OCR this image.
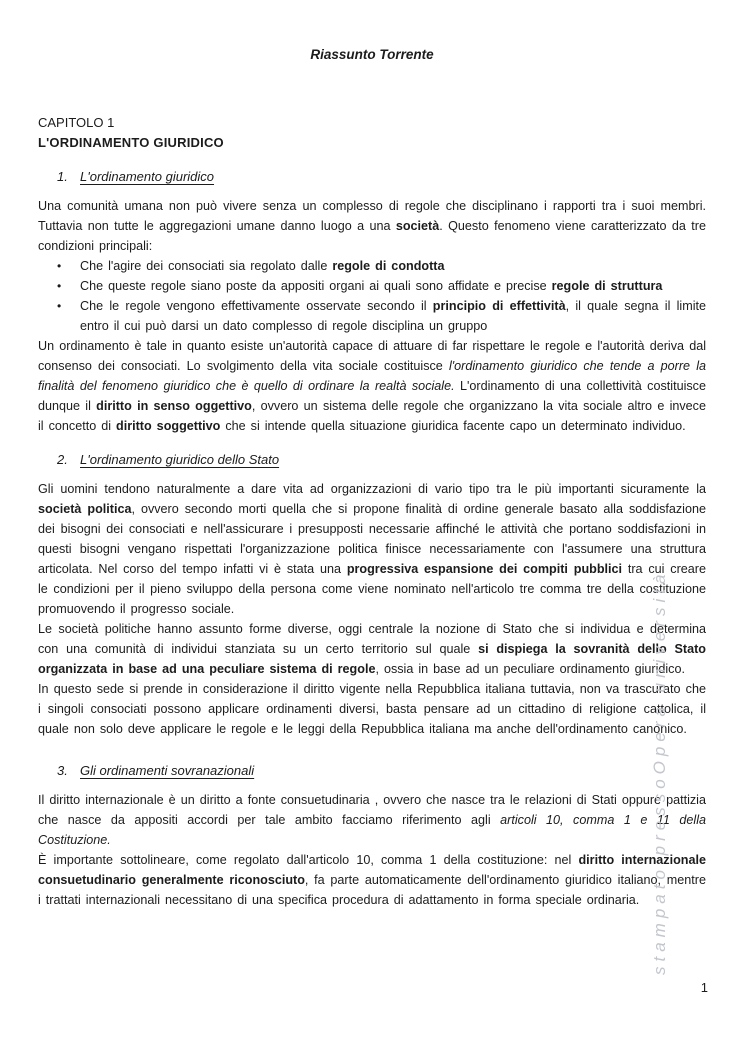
Riassunto Torrente
CAPITOLO 1
L'ORDINAMENTO GIURIDICO
1. L'ordinamento giuridico

Una comunità umana non può vivere senza un complesso di regole che disciplinano i rapporti tra i suoi membri. Tuttavia non tutte le aggregazioni umane danno luogo a una società. Questo fenomeno viene caratterizzato da tre condizioni principali:

•	Che l'agire dei consociati sia regolato dalle regole di condotta
•	Che queste regole siano poste da appositi organi ai quali sono affidate e precise regole di struttura
•	Che le regole vengono effettivamente osservate secondo il principio di effettività, il quale segna il limite entro il cui può darsi un dato complesso di regole disciplina un gruppo

Un ordinamento è tale in quanto esiste un'autorità capace di attuare di far rispettare le regole e l'autorità deriva dal consenso dei consociati. Lo svolgimento della vita sociale costituisce l'ordinamento giuridico che tende a porre la finalità del fenomeno giuridico che è quello di ordinare la realtà sociale. L'ordinamento di una collettività costituisce dunque il diritto in senso oggettivo, ovvero un sistema delle regole che organizzano la vita sociale altro e invece il concetto di diritto soggettivo che si intende quella situazione giuridica facente capo un determinato individuo.

2. L'ordinamento giuridico dello Stato

Gli uomini tendono naturalmente a dare vita ad organizzazioni di vario tipo tra le più importanti sicuramente la società politica, ovvero secondo morti quella che si propone finalità di ordine generale basato alla soddisfazione dei bisogni dei consociati e nell'assicurare i presupposti necessarie affinché le attività che portano soddisfazioni in questi bisogni vengano rispettati l'organizzazione politica finisce necessariamente con l'assumere una struttura articolata. Nel corso del tempo infatti vi è stata una progressiva espansione dei compiti pubblici tra cui creare le condizioni per il pieno sviluppo della persona come viene nominato nell'articolo tre comma tre della costituzione promuovendo il progresso sociale.

Le società politiche hanno assunto forme diverse, oggi centrale la nozione di Stato che si individua e determina con una comunità di individui stanziata su un certo territorio sul quale si dispiega la sovranità dello Stato organizzata in base ad una peculiare sistema di regole, ossia in base ad un peculiare ordinamento giuridico.

In questo sede si prende in considerazione il diritto vigente nella Repubblica italiana tuttavia, non va trascurato che i singoli consociati possono applicare ordinamenti diversi, basta pensare ad un cittadino di religione cattolica, il quale non solo deve applicare le regole e le leggi della Repubblica italiana ma anche dell'ordinamento canonico.

3. Gli ordinamenti sovranazionali

Il diritto internazionale è un diritto a fonte consuetudinaria , ovvero che nasce tra le relazioni di Stati oppure pattizia che nasce da appositi accordi per tale ambito facciamo riferimento agli articoli 10, comma 1 e 11 della Costituzione.

È importante sottolineare, come regolato dall'articolo 10, comma 1 della costituzione: nel diritto internazionale consuetudinario generalmente riconosciuto, fa parte automaticamente dell'ordinamento giuridico italiano; mentre i trattati internazionali necessitano di una specifica procedura di adattamento in forma speciale ordinaria. stampato pressoOpera università
1
